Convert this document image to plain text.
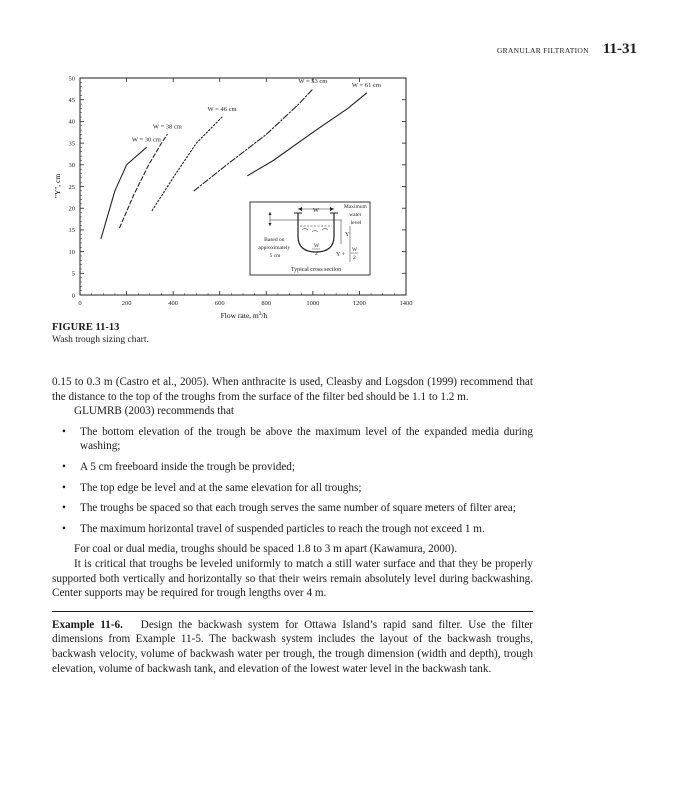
GRANULAR FILTRATION 11-31
0	200	400	600	800	1000	1200	1400
0
5
10
15
20
25
30
35
40
45
50
W = 30 cm
W = 38 cm
W = 46 cm
W = 53 cm
W = 61 cm
Flow rate, $m^3/h$
"Y", cm
W
Based on approximately 5 cm
Maximum water level
Y
Y +
W
2
W
2
Typical cross section
FIGURE 11-13
Wash trough sizing chart.

0.15 to 0.3 m (Castro et al., 2005). When anthracite is used, Cleasby and Logsdon (1999) recommend that the distance to the top of the troughs from the surface of the filter bed should be 1.1 to 1.2 m.

GLUMRB (2003) recommends that

• The bottom elevation of the trough be above the maximum level of the expanded media during washing;
• A 5 cm freeboard inside the trough be provided;
• The top edge be level and at the same elevation for all troughs;
• The troughs be spaced so that each trough serves the same number of square meters of filter area;
• The maximum horizontal travel of suspended particles to reach the trough not exceed 1 m.

For coal or dual media, troughs should be spaced 1.8 to 3 m apart (Kawamura, 2000).

It is critical that troughs be leveled uniformly to match a still water surface and that they be properly supported both vertically and horizontally so that their weirs remain absolutely level during backwashing. Center supports may be required for trough lengths over 4 m.

Example 11-6. Design the backwash system for Ottawa Island’s rapid sand filter. Use the filter dimensions from Example 11-5. The backwash system includes the layout of the backwash troughs, backwash velocity, volume of backwash water per trough, the trough dimension (width and depth), trough elevation, volume of backwash tank, and elevation of the lowest water level in the backwash tank.
